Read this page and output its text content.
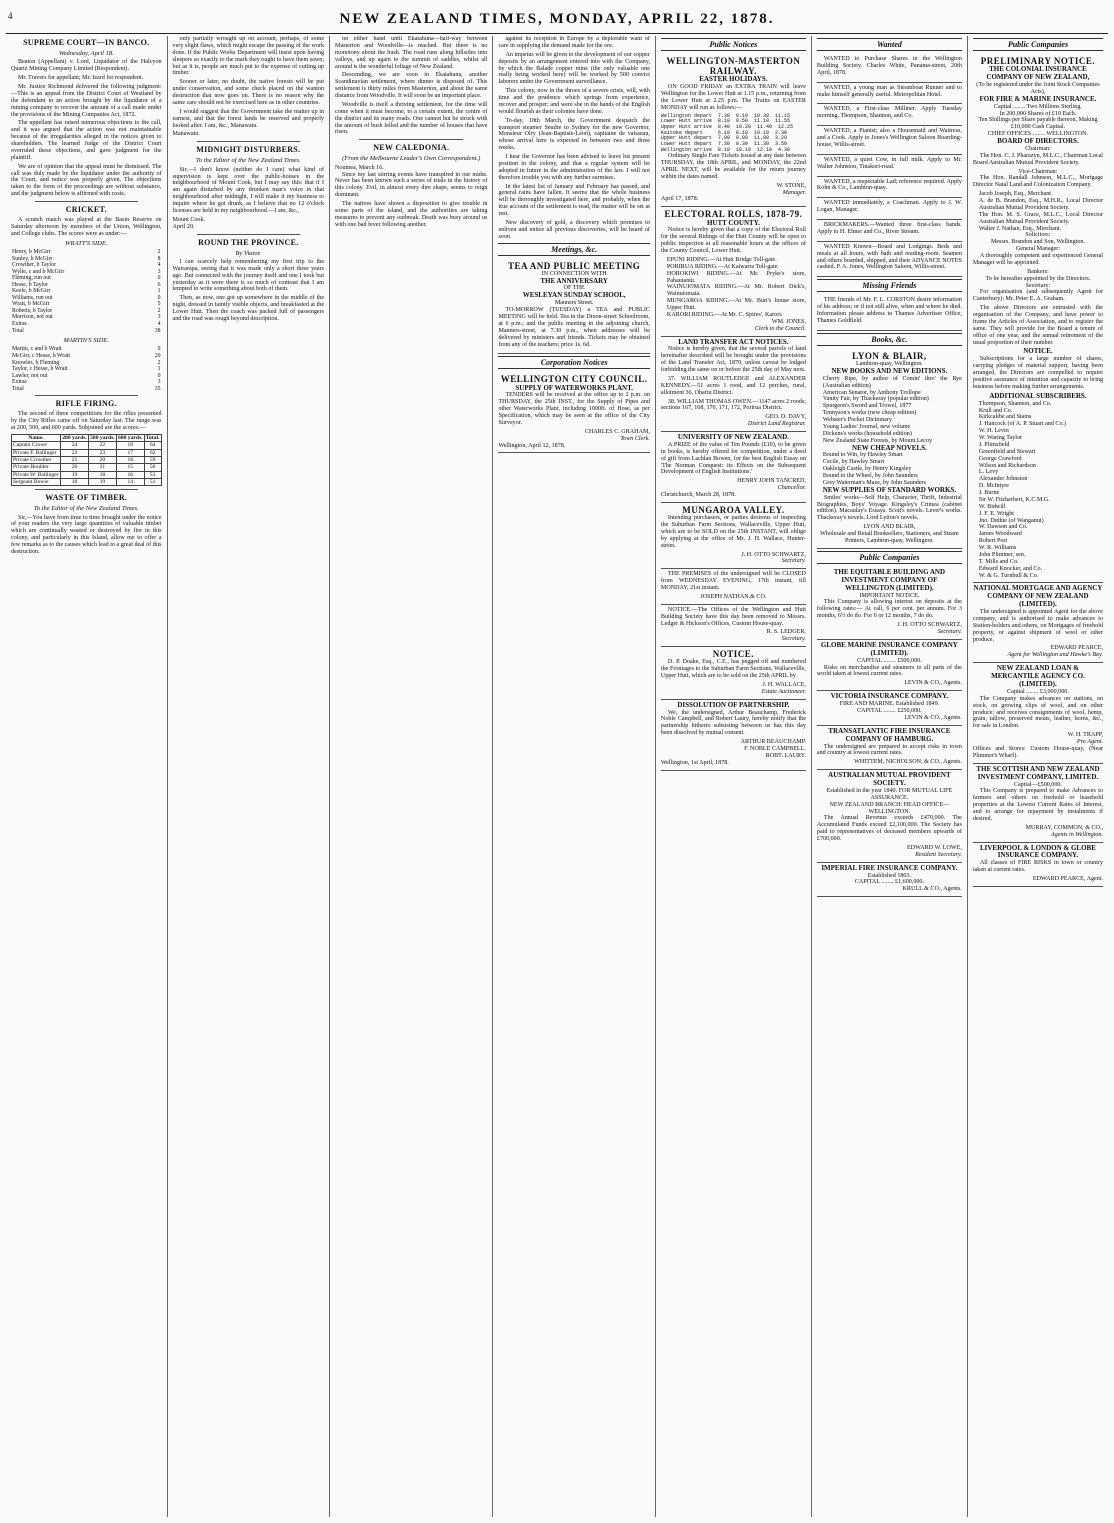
4	NEW ZEALAND TIMES, MONDAY, APRIL 22, 1878.
SUPREME COURT—IN BANCO.
Wednesday, April 18.

Beaton (Appellant) v. Lord, Liquidator of the Halcyon Quartz Mining Company Limited (Respondent).

Mr. Travers for appellant; Mr. Izard for respondent.

Mr. Justice Richmond delivered the following judgment:—This is an appeal from the District Court of Westland by the defendant in an action brought by the liquidator of a mining company to recover the amount of a call made under the provisions of the Mining Companies Act, 1872.

The appellant has raised numerous objections to the call, and it was argued that the action was not maintainable because of the irregularities alleged in the notices given to shareholders. The learned Judge of the District Court overruled these objections, and gave judgment for the plaintiff.

We are of opinion that the appeal must be dismissed. The call was duly made by the liquidator under the authority of the Court, and notice was properly given. The objections taken to the form of the proceedings are without substance, and the judgment below is affirmed with costs.

CRICKET.

A scratch match was played at the Basin Reserve on Saturday afternoon by members of the Union, Wellington, and College clubs. The scores were as under:—

WRATT'S SIDE.
Henry, b McGirr	2
Sunley, b McGirr	8
Crowther, b Taylor	4
Wylie, c and b McGirr	3
Fleming, run out	0
Hesse, b Taylor	6
Keefe, b McGirr	1
Williams, run out	0
Wratt, b McGirr	5
Roberts, b Taylor	2
Morrison, not out	3
Extras	4
Total	38
MARTIN'S SIDE.
Martin, c and b Wratt	9
McGirr, c Hesse, b Wratt	20
Knowles, b Fleming	2
Taylor, c Hesse, b Wratt	1
Lawler, not out	0
Extras	3
Total	35
RIFLE FIRING.

The second of three competitions for the rifles presented by the City Rifles came off on Saturday last. The range was at 200, 500, and 600 yards. Subjoined are the scores:—

Name.	200 yards.	500 yards.	600 yards.	Total.
Captain Crowe	24	22	18	64
Private F. Ballinger	22	23	17	62
Private Crowther	21	20	18	59
Private Houlder	20	21	15	56
Private W. Ballinger	19	18	16	53
Sergeant Bowie	18	19	14	51
WASTE OF TIMBER.
To the Editor of the New Zealand Times.

Sir,—You have from time to time brought under the notice of your readers the very large quantities of valuable timber which are continually wasted or destroyed by fire in this colony, and particularly in this Island, allow me to offer a few remarks as to the causes which lead to a great deal of this destruction.

only partially wrought up on account, perhaps, of some very slight flaws, which might escape the passing of the work done. If the Public Works Department will insist upon having sleepers so exactly to the mark they ought to have them sawn; but as it is, people are much put to the expense of cutting up timber.

Sooner or later, no doubt, the native forests will be put under conservation, and some check placed on the wanton destruction that now goes on. There is no reason why the same care should not be exercised here as in other countries.

I would suggest that the Government take the matter up in earnest, and that the forest lands be reserved and properly looked after. I am, &c., Manawatu.

Manawatu.
MIDNIGHT DISTURBERS.
To the Editor of the New Zealand Times.

Sir,—I don't know (neither do I care) what kind of supervision is kept over the public-houses in the neighbourhood of Mount Cook, but I may say this: that if I am again disturbed by any drunken man's voice in that neighbourhood after midnight, I will make it my business to inquire where he got drunk, as I believe that no 12 o'clock licenses are held in my neighbourhood.—I am, &c.,

Mount Cook.
April 20.
ROUND THE PROVINCE.
By Viator.

I can scarcely help remembering my first trip to the Wairarapa, seeing that it was made only a short three years ago. But connected with the journey itself and one I took but yesterday as it were there is so much of contrast that I am tempted to write something about both of them.

Then, as now, one got up somewhere in the middle of the night, dressed in faintly visible objects, and breakfasted at the Lower Hutt. Then the coach was packed full of passengers and the road was rough beyond description.

on either hand until Ekatahuna—half-way between Masterton and Woodville—is reached. But there is no monotony about the bush. The road runs along hillsides into valleys, and up again to the summit of saddles, whilst all around is the wonderful foliage of New Zealand.

Descending, we are soon in Ekatahuna, another Scandinavian settlement, where dinner is disposed of. This settlement is thirty miles from Masterton, and about the same distance from Woodville. It will soon be an important place.

Woodville is itself a thriving settlement, for the time will come when it must become, to a certain extent, the centre of the district and its many roads. One cannot but be struck with the amount of bush felled and the number of houses that have risen.

NEW CALEDONIA.
(From the Melbourne Leader's Own Correspondent.)
Noumea, March 16.

Since my last stirring events have transpired in our midst. Never has been known such a series of trials in the history of this colony. Evil, in almost every dire shape, seems to reign dominant.

The natives have shown a disposition to give trouble in some parts of the island, and the authorities are taking measures to prevent any outbreak. Death was busy around us with one bad fever following another.

against its reception in Europe by a deplorable want of care in supplying the demand made for the ore.

An impetus will be given to the development of our copper deposits by an arrangement entered into with the Company, by which the Balade copper mine (the only valuable one really being worked here) will be worked by 500 convict laborers under the Government surveillance.

This colony, now in the throes of a severe crisis, will, with time and the prudence which springs from experience, recover and prosper; and were she in the hands of the English would flourish as their colonies have done.

To-day, 18th March, the Government despatch the transport steamer Seudre to Sydney for the new Governor, Monsieur Olry (Jean-Baptiste-Léon), capitaine de vaisseau, whose arrival here is expected in between two and three weeks.

I hear the Governor has been advised to leave his present position in the colony, and that a regular system will be adopted in future in the administration of the law. I will not therefore trouble you with any further surmises.

In the latest list of January and February has passed, and general rains have fallen. It seems that the whole business will be thoroughly investigated here, and probably, when the true account of the settlement is read, the matter will be set at rest.

New discovery of gold, a discovery which promises to enliven and entice all previous discoveries, will be heard of soon.

Meetings, &c.
TEA AND PUBLIC MEETING
IN CONNECTION WITH
THE ANNIVERSARY
OF THE
WESLEYAN SUNDAY SCHOOL,
Manners Street.

TO-MORROW (TUESDAY) a TEA and PUBLIC MEETING will be held. Tea in the Dixon-street Schoolroom, at 6 p.m.; and the public meeting in the adjoining church, Manners-street, at 7.30 p.m., when addresses will be delivered by ministers and friends. Tickets may be obtained from any of the teachers; price 1s. 6d.

Corporation Notices
WELLINGTON CITY COUNCIL.
SUPPLY OF WATERWORKS PLANT.

TENDERS will be received at the office up to 2 p.m. on THURSDAY, the 25th INST., for the Supply of Pipes and other Waterworks Plant, including 1000ft. of Hose, as per Specification, which may be seen at the office of the City Surveyor.

CHARLES C. GRAHAM,
Town Clerk.
Wellington, April 12, 1878.
Public Notices
WELLINGTON-MASTERTON RAILWAY.
EASTER HOLIDAYS.

ON GOOD FRIDAY an EXTRA TRAIN will leave Wellington for the Lower Hutt at 1.15 p.m., returning from the Lower Hutt at 2.25 p.m. The Trains on EASTER MONDAY will run as follows:—

Wellington depart  7.30  9.10  10.30  11.15
Lower Hutt arrive  8.10  9.50  11.10  11.55
Upper Hutt arrive  8.40  10.20  11.40  12.25
Kaitoke depart     6.10  8.10  10.10  2.30
Upper Hutt depart  7.00  9.00  11.00  3.20
Lower Hutt depart  7.30  9.30  11.30  3.50
Wellington arrive  8.10  10.10  12.10  4.30

Ordinary Single Fare Tickets issued at any date between THURSDAY, the 18th APRIL, and MONDAY, the 22nd APRIL NEXT, will be available for the return journey within the dates named.

W. STONE,
Manager.
April 17, 1878.
ELECTORAL ROLLS, 1878-79.
HUTT COUNTY.

Notice is hereby given that a copy of the Electoral Roll for the several Ridings of the Hutt County will be open to public inspection at all reasonable hours at the offices of the County Council, Lower Hutt.

EPUNI RIDING.—At Hutt Bridge Toll-gate.
PORIRUA RIDING.—At Kaiwarra Toll-gate.
HOROKIWI RIDING.—At Mr. Pryke's store, Pahautanui.
WAINUIOMATA RIDING.—At Mr. Robert Dick's, Wainuiomata.
MUNGAROA RIDING.—At Mr. Burt's house store, Upper Hutt.
KARORI RIDING.—At Mr. C. Spires', Karori.
WM. JONES,
Clerk to the Council.
LAND TRANSFER ACT NOTICES.

Notice is hereby given, that the several parcels of land hereinafter described will be brought under the provisions of the Land Transfer Act, 1870, unless caveat be lodged forbidding the same on or before the 25th day of May next.

37. WILLIAM ROUTLEDGE and ALEXANDER KENNEDY.—51 acres 1 rood, and 12 perches, rural, allotment 36, Ohariu District.

38. WILLIAM THOMAS OWEN.—1147 acres 2 roods; sections 167, 168, 170, 171, 172, Porirua District.

GEO. D. DAVY,
District Land Registrar.
UNIVERSITY OF NEW ZEALAND.

A PRIZE of the value of Ten Pounds (£10), to be given in books, is hereby offered for competition, under a deed of gift from Lachlan Bowen, for the best English Essay on 'The Norman Conquest: its Effects on the Subsequent Development of English Institutions.'

HENRY JOHN TANCRED,
Chancellor.
Christchurch, March 28, 1878.
MUNGAROA VALLEY.

Intending purchasers, or parties desirous of inspecting the Suburban Farm Sections, Wallaceville, Upper Hutt, which are to be SOLD on the 25th INSTANT, will oblige by applying at the office of Mr. J. H. Wallace, Hunter-street.

J. H. OTTO SCHWARTZ,
Secretary.

THE PREMISES of the undersigned will be CLOSED from WEDNESDAY EVENING, 17th instant, till MONDAY, 21st instant.

JOSEPH NATHAN & CO.

NOTICE.—The Offices of the Wellington and Hutt Building Society have this day been removed to Messrs. Ledger & Hickson's Offices, Custom House-quay.

R. S. LEDGER,
Secretary.
NOTICE.

D. P. Doake, Esq., C.E., has pegged off and numbered the Frontages to the Suburban Farm Sections, Wallaceville, Upper Hutt, which are to be sold on the 25th APRIL by

J. H. WALLACE,
Estate Auctioneer.
DISSOLUTION OF PARTNERSHIP.

We, the undersigned, Arthur Beauchamp, Frederick Noble Campbell, and Robert Laury, hereby notify that the partnership hitherto subsisting between us has this day been dissolved by mutual consent.

ARTHUR BEAUCHAMP.
F. NOBLE CAMPBELL.
ROBT. LAURY.
Wellington, 1st April, 1878.
Wanted

WANTED to Purchase Shares in the Wellington Building Society. Charles White, Panama-street, 20th April, 1878.

WANTED, a young man as Steamboat Runner and to make himself generally useful. Metropolitan Hotel.

WANTED, a First-class Milliner. Apply Tuesday morning. Thompson, Shannon, and Co.

WANTED, a Pianist; also a Housemaid and Waitress, and a Cook. Apply to Jones's Wellington Saloon Boarding-house, Willis-street.

WANTED, a quiet Cow, in full milk. Apply to Mr. Walter Johnston, Tinakori-road.

WANTED, a respectable Lad; reference required. Apply Kohn & Co., Lambton-quay.

WANTED immediately, a Coachman. Apply to J. W. Logan, Manager.

BRICKMAKERS.—Wanted three first-class hands. Apply to H. Elmer and Co., River Stream.

WANTED Known—Board and Lodgings. Beds and meals at all hours, with bath and reading-room. Seamen and others boarded, shipped, and their ADVANCE NOTES cashed. P. A. Jones, Wellington Saloon, Willis-street.

Missing Friends

THE friends of Mr. F. L. CORSTON desire information of his address; or if not still alive, when and where he died. Information please address to Thames Advertiser Office, Thames Goldfield.

Books, &c.
LYON & BLAIR,
Lambton-quay, Wellington.
NEW BOOKS AND NEW EDITIONS.
Cherry Ripe, by author of Comin' thro' the Rye (Australian edition)
American Senator, by Anthony Trollope
Vanity Fair, by Thackeray (popular edition)
Spurgeon's Sword and Trowel, 1877
Tennyson's works (new cheap edition)
Webster's Pocket Dictionary
Young Ladies' Journal, new volume
Dickens's works (household edition)
New Zealand State Forests, by Mount Lecoy
NEW CHEAP NOVELS.
Bound to Win, by Hawley Smart
Cecile, by Hawley Smart
Oakleigh Castle, by Henry Kingsley
Bound to the Wheel, by John Saunders
Grey Waterman's Maze, by John Saunders
NEW SUPPLIES OF STANDARD WORKS.

Smiles' works—Self Help, Character, Thrift, Industrial Biographies, Boys' Voyage. Kingsley's Crimea (cabinet edition). Macaulay's Essays. Scott's novels. Lever's works. Thackeray's novels. Lord Lytton's novels.

LYON AND BLAIR,
Wholesale and Retail Booksellers, Stationers, and Steam Printers, Lambton-quay, Wellington.
Public Companies
THE EQUITABLE BUILDING AND INVESTMENT COMPANY OF WELLINGTON (LIMITED).
IMPORTANT NOTICE.

This Company is allowing interest on deposits at the following rates:— At call, 6 per cent. per annum. For 3 months, 6½ do do. For 6 or 12 months, 7 do do.

J. H. OTTO SCHWARTZ,
Secretary.
GLOBE MARINE INSURANCE COMPANY (LIMITED).
CAPITAL ........ £500,000.

Risks on merchandise and steamers to all parts of the world taken at lowest current rates.

LEVIN & CO., Agents.
VICTORIA INSURANCE COMPANY.
FIRE AND MARINE. Established 1849.
CAPITAL ........ £250,000.
LEVIN & CO., Agents.
TRANSATLANTIC FIRE INSURANCE COMPANY OF HAMBURG.

The undersigned are prepared to accept risks in town and country at lowest current rates.

WHITTEM, NICHOLSON, & CO., Agents.
AUSTRALIAN MUTUAL PROVIDENT SOCIETY.
Established in the year 1849. FOR MUTUAL LIFE ASSURANCE.
NEW ZEALAND BRANCH: HEAD OFFICE—WELLINGTON.

The Annual Revenue exceeds £470,000. The Accumulated Funds exceed £2,100,000. The Society has paid to representatives of deceased members upwards of £700,000.

EDWARD W. LOWE,
Resident Secretary.
IMPERIAL FIRE INSURANCE COMPANY.
Established 1803.
CAPITAL ........ £1,600,000.
KRULL & CO., Agents.
Public Companies
PRELIMINARY NOTICE.
THE COLONIAL INSURANCE COMPANY OF NEW ZEALAND,
(To be registered under the Joint Stock Companies Acts),
FOR FIRE & MARINE INSURANCE.
Capital ........ Two Millions Sterling.
In 200,000 Shares of £10 Each.
Ten Shillings per Share payable thereon, Making £10,000 Cash Capital.
CHIEF OFFICES ........ WELLINGTON.
BOARD OF DIRECTORS.
Chairman:

The Hon. C. J. Pharazyn, M.L.C., Chairman Local Board Australian Mutual Provident Society.

Vice-Chairman:

The Hon. Randall Johnson, M.L.C., Mortgage Director Natal Land and Colonization Company.

Jacob Joseph, Esq., Merchant.
A. de B. Brandon, Esq., M.H.R., Local Director Australian Mutual Provident Society.
The Hon. M. S. Grace, M.L.C., Local Director Australian Mutual Provident Society.
Walter J. Nathan, Esq., Merchant.
Solicitors:
Messrs. Brandon and Son, Wellington.
General Manager:

A thoroughly competent and experienced General Manager will be appointed.

Bankers:
To be hereafter appointed by the Directors.
Secretary:

For organisation (and subsequently Agent for Canterbury): Mr. Peter E. A. Graham.

The above Directors are entrusted with the organisation of the Company, and have power to frame the Articles of Association, and to register the same. They will provide for the Board a tenure of office of one year, and the annual retirement of the usual proportion of their number.

NOTICE.

Subscriptions for a large number of shares, carrying pledges of material support, having been arranged, the Directors are compelled to require positive assurance of intention and capacity to bring business before making further arrangements.

ADDITIONAL SUBSCRIBERS.
Thompson, Shannon, and Co.
Krull and Co.
Kirkcaldie and Stains
J. Hancock (of A. P. Stuart and Co.)
W. H. Levin
W. Waring Taylor
J. Plimsfield
Greenfield and Stewart
George Crawford
Wilson and Richardson
L. Levy
Alexander Johnston
D. McIntyre
J. Burne
Sir W. Fitzherbert, K.C.M.G.
W. Bidwill
J. F. E. Wright
Jno. Duthie (of Wanganui)
W. Dawson and Co.
James Woodward
Robert Port
W. R. Williams
John Plimmer, sen.
T. Mills and Co.
Edward Knocker, and Co.
W. & G. Turnbull & Co.
NATIONAL MORTGAGE AND AGENCY COMPANY OF NEW ZEALAND (LIMITED).

The undersigned is appointed Agent for the above company, and is authorised to make advances to Station-holders and others, on Mortgages of freehold property, or against shipment of wool or other produce.

EDWARD PEARCE,
Agent for Wellington and Hawke's Bay.
NEW ZEALAND LOAN & MERCANTILE AGENCY CO. (LIMITED).
Capital ........ £3,000,000.

The Company makes advances on stations, on stock, on growing clips of wool, and on other produce; and receives consignments of wool, hemp, grain, tallow, preserved meats, leather, horns, &c., for sale in London.

W. H. TRAPP,
Pro Agent.
Offices and Stores: Custom House-quay, (Near Plimmer's Wharf).
THE SCOTTISH AND NEW ZEALAND INVESTMENT COMPANY, LIMITED.
Capital—£500,000.

This Company is prepared to make Advances to farmers and others on freehold or leasehold properties at the Lowest Current Rates of Interest, and to arrange for repayment by instalments if desired.

MURRAY, COMMON, & CO.,
Agents in Wellington.
LIVERPOOL & LONDON & GLOBE INSURANCE COMPANY.

All classes of FIRE RISKS in town or country taken at current rates.

EDWARD PEARCE, Agent.
